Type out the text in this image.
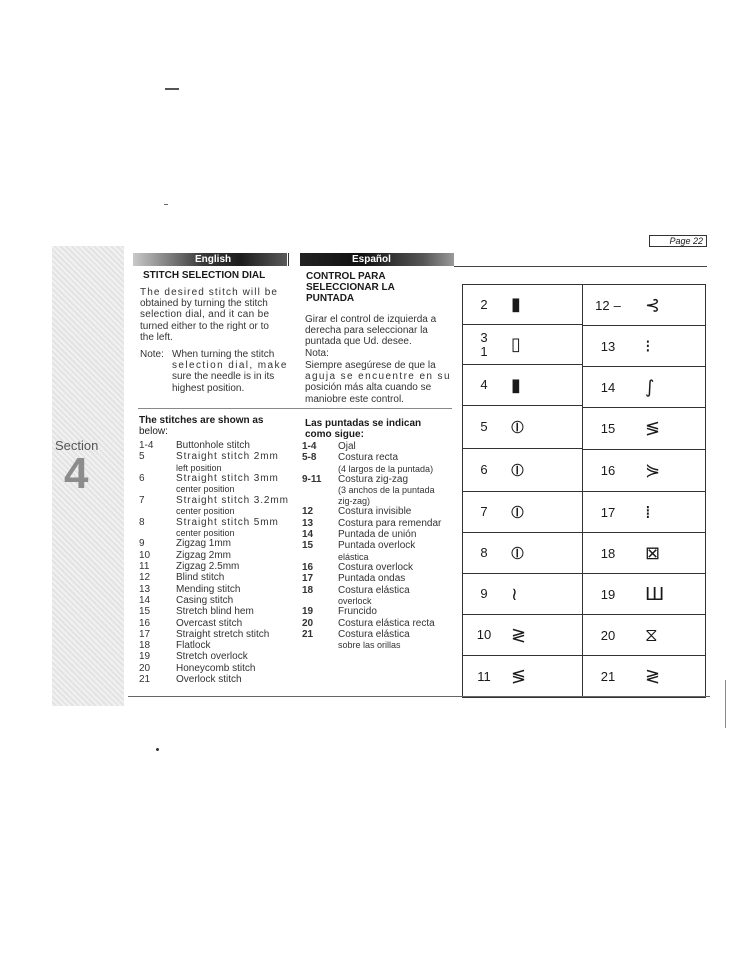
Page 22
Section
4
English	Español
STITCH SELECTION DIAL
The desired stitch will be
obtained by turning the stitch
selection dial, and it can be
turned either to the right or to
the left.
Note: When turning the stitch
selection dial, make
sure the needle is in its
highest position.
The stitches are shown as
below:
1-4	Buttonhole stitch
5	Straight stitch 2mm
left position
6	Straight stitch 3mm
center position
7	Straight stitch 3.2mm
center position
8	Straight stitch 5mm
center position
9	Zigzag 1mm
10	Zigzag 2mm
11	Zigzag 2.5mm
12	Blind stitch
13	Mending stitch
14	Casing stitch
15	Stretch blind hem
16	Overcast stitch
17	Straight stretch stitch
18	Flatlock
19	Stretch overlock
20	Honeycomb stitch
21	Overlock stitch
CONTROL PARA
SELECCIONAR LA
PUNTADA
Girar el control de izquierda a
derecha para seleccionar la
puntada que Ud. desee.
Nota:
Siempre asegúrese de que la
aguja se encuentre en su
posición más alta cuando se
maniobre este control.
Las puntadas se indican
como sigue:
1-4	Ojal
5-8	Costura recta
(4 largos de la puntada)
9-11	Costura zig-zag
(3 anchos de la puntada
zig-zag)
12	Costura invisible
13	Costura para remendar
14	Puntada de unión
15	Puntada overlock
elástica
16	Costura overlock
17	Puntada ondas
18	Costura elástica
overlock
19	Fruncido
20	Costura elástica recta
21	Costura elástica
sobre las orillas
2	▮
3
1	▯
4	▮
5	⦶
6	⦶
7	⦶
8	⦶
9	≀
10	≷
11	≶
12 –	⊰
13	⁝
14	∫
15	≶
16	⋟
17	⁞
18	⊠
19	Ш
20	⧖
21	≷
